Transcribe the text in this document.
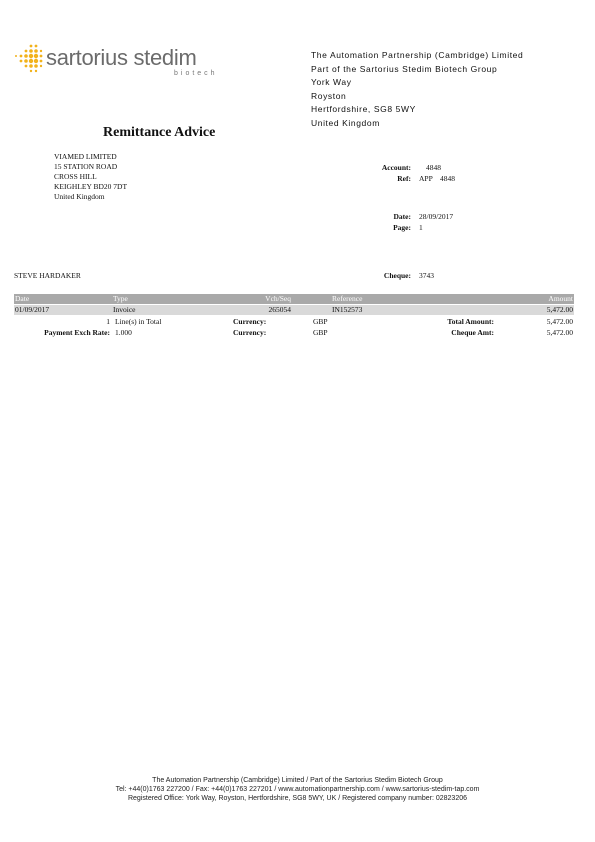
sartorius stedim
biotech
The Automation Partnership (Cambridge) Limited
Part of the Sartorius Stedim Biotech Group
York Way
Royston
Hertfordshire, SG8 5WY
United Kingdom
Remittance Advice
VIAMED LIMITED
15 STATION ROAD
CROSS HILL
KEIGHLEY BD20 7DT
United Kingdom
Account: 4848
Ref: APP    4848
Date: 28/09/2017
Page: 1
STEVE HARDAKER	Cheque: 3743
Date	Type	Vch/Seq	Reference	Amount
01/09/2017	Invoice	265054	IN152573	5,472.00
1 Line(s) in Total	Currency:	GBP	Total Amount:	5,472.00
Payment Exch Rate: 1.000	Currency:	GBP	Cheque Amt:	5,472.00
The Automation Partnership (Cambridge) Limited / Part of the Sartorius Stedim Biotech Group
Tel: +44(0)1763 227200 / Fax: +44(0)1763 227201 / www.automationpartnership.com / www.sartorius-stedim-tap.com
Registered Office: York Way, Royston, Hertfordshire, SG8 5WY, UK / Registered company number: 02823206
